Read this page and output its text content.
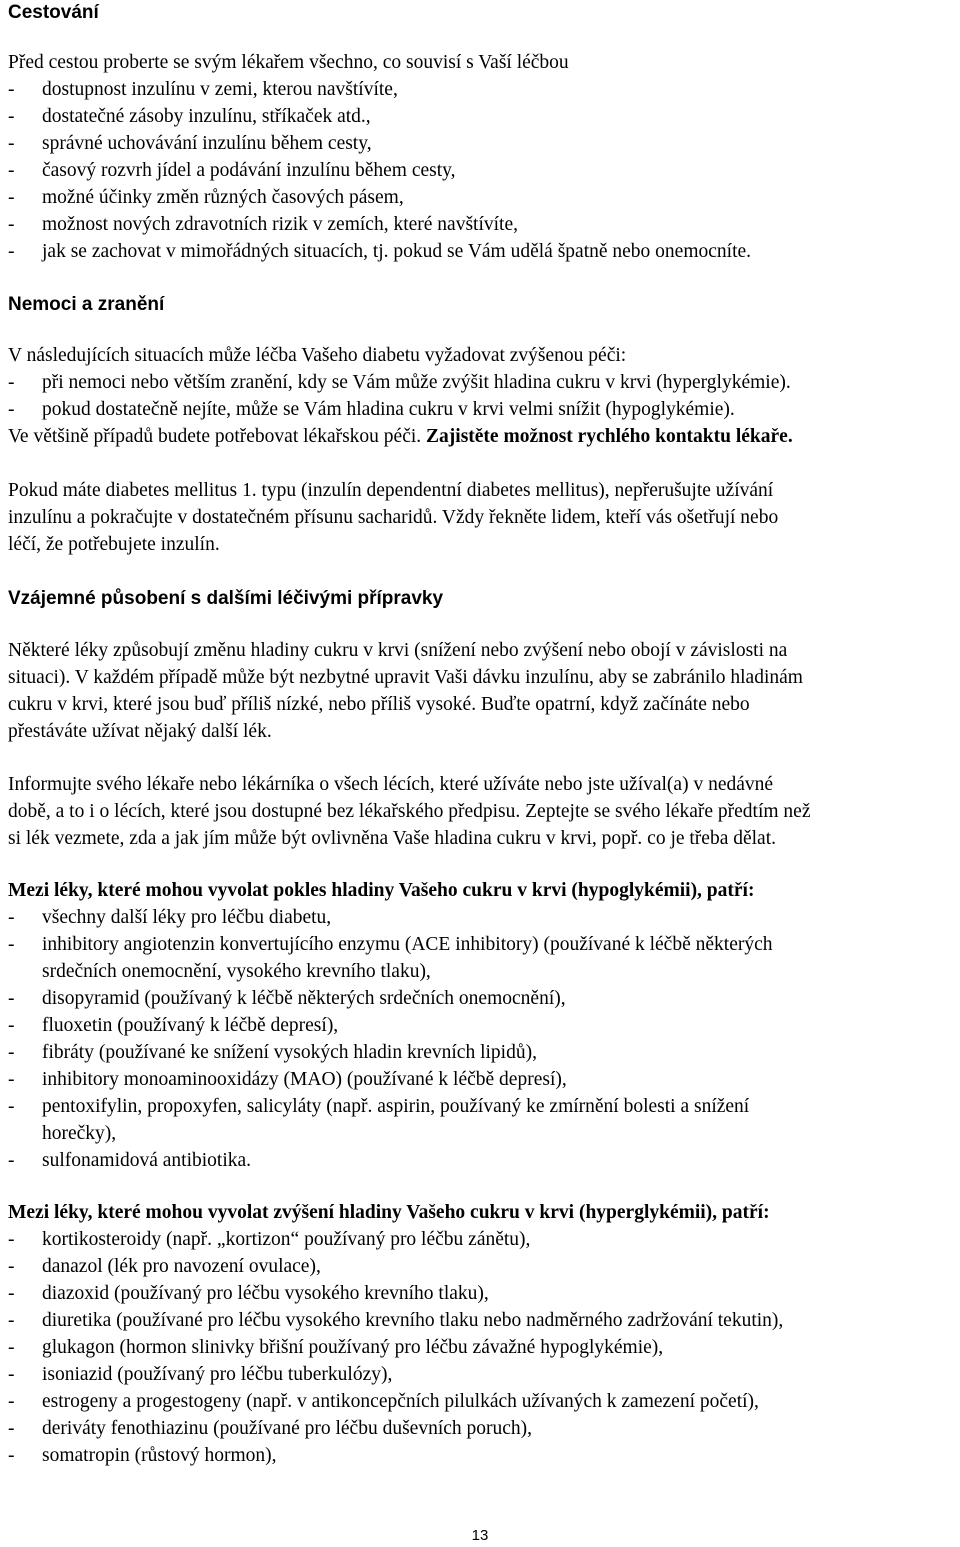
Cestování
Před cestou proberte se svým lékařem všechno, co souvisí s Vaší léčbou
- dostupnost inzulínu v zemi, kterou navštívíte,
- dostatečné zásoby inzulínu, stříkaček atd.,
- správné uchovávání inzulínu během cesty,
- časový rozvrh jídel a podávání inzulínu během cesty,
- možné účinky změn různých časových pásem,
- možnost nových zdravotních rizik v zemích, které navštívíte,
- jak se zachovat v mimořádných situacích, tj. pokud se Vám udělá špatně nebo onemocníte.
Nemoci a zranění
V následujících situacích může léčba Vašeho diabetu vyžadovat zvýšenou péči:
- při nemoci nebo větším zranění, kdy se Vám může zvýšit hladina cukru v krvi (hyperglykémie).
- pokud dostatečně nejíte, může se Vám hladina cukru v krvi velmi snížit (hypoglykémie).
Ve většině případů budete potřebovat lékařskou péči. Zajistěte možnost rychlého kontaktu lékaře.
Pokud máte diabetes mellitus 1. typu (inzulín dependentní diabetes mellitus), nepřerušujte užívání
inzulínu a pokračujte v dostatečném přísunu sacharidů. Vždy řekněte lidem, kteří vás ošetřují nebo
léčí, že potřebujete inzulín.
Vzájemné působení s dalšími léčivými přípravky
Některé léky způsobují změnu hladiny cukru v krvi (snížení nebo zvýšení nebo obojí v závislosti na
situaci). V každém případě může být nezbytné upravit Vaši dávku inzulínu, aby se zabránilo hladinám
cukru v krvi, které jsou buď příliš nízké, nebo příliš vysoké. Buďte opatrní, když začínáte nebo
přestáváte užívat nějaký další lék.
Informujte svého lékaře nebo lékárníka o všech lécích, které užíváte nebo jste užíval(a) v nedávné
době, a to i o lécích, které jsou dostupné bez lékařského předpisu. Zeptejte se svého lékaře předtím než
si lék vezmete, zda a jak jím může být ovlivněna Vaše hladina cukru v krvi, popř. co je třeba dělat.
Mezi léky, které mohou vyvolat pokles hladiny Vašeho cukru v krvi (hypoglykémii), patří:
- všechny další léky pro léčbu diabetu,
- inhibitory angiotenzin konvertujícího enzymu (ACE inhibitory) (používané k léčbě některých
srdečních onemocnění, vysokého krevního tlaku),
- disopyramid (používaný k léčbě některých srdečních onemocnění),
- fluoxetin (používaný k léčbě depresí),
- fibráty (používané ke snížení vysokých hladin krevních lipidů),
- inhibitory monoaminooxidázy (MAO) (používané k léčbě depresí),
- pentoxifylin, propoxyfen, salicyláty (např. aspirin, používaný ke zmírnění bolesti a snížení
horečky),
- sulfonamidová antibiotika.
Mezi léky, které mohou vyvolat zvýšení hladiny Vašeho cukru v krvi (hyperglykémii), patří:
- kortikosteroidy (např. „kortizon“ používaný pro léčbu zánětu),
- danazol (lék pro navození ovulace),
- diazoxid (používaný pro léčbu vysokého krevního tlaku),
- diuretika (používané pro léčbu vysokého krevního tlaku nebo nadměrného zadržování tekutin),
- glukagon (hormon slinivky břišní používaný pro léčbu závažné hypoglykémie),
- isoniazid (používaný pro léčbu tuberkulózy),
- estrogeny a progestogeny (např. v antikoncepčních pilulkách užívaných k zamezení početí),
- deriváty fenothiazinu (používané pro léčbu duševních poruch),
- somatropin (růstový hormon),
13
